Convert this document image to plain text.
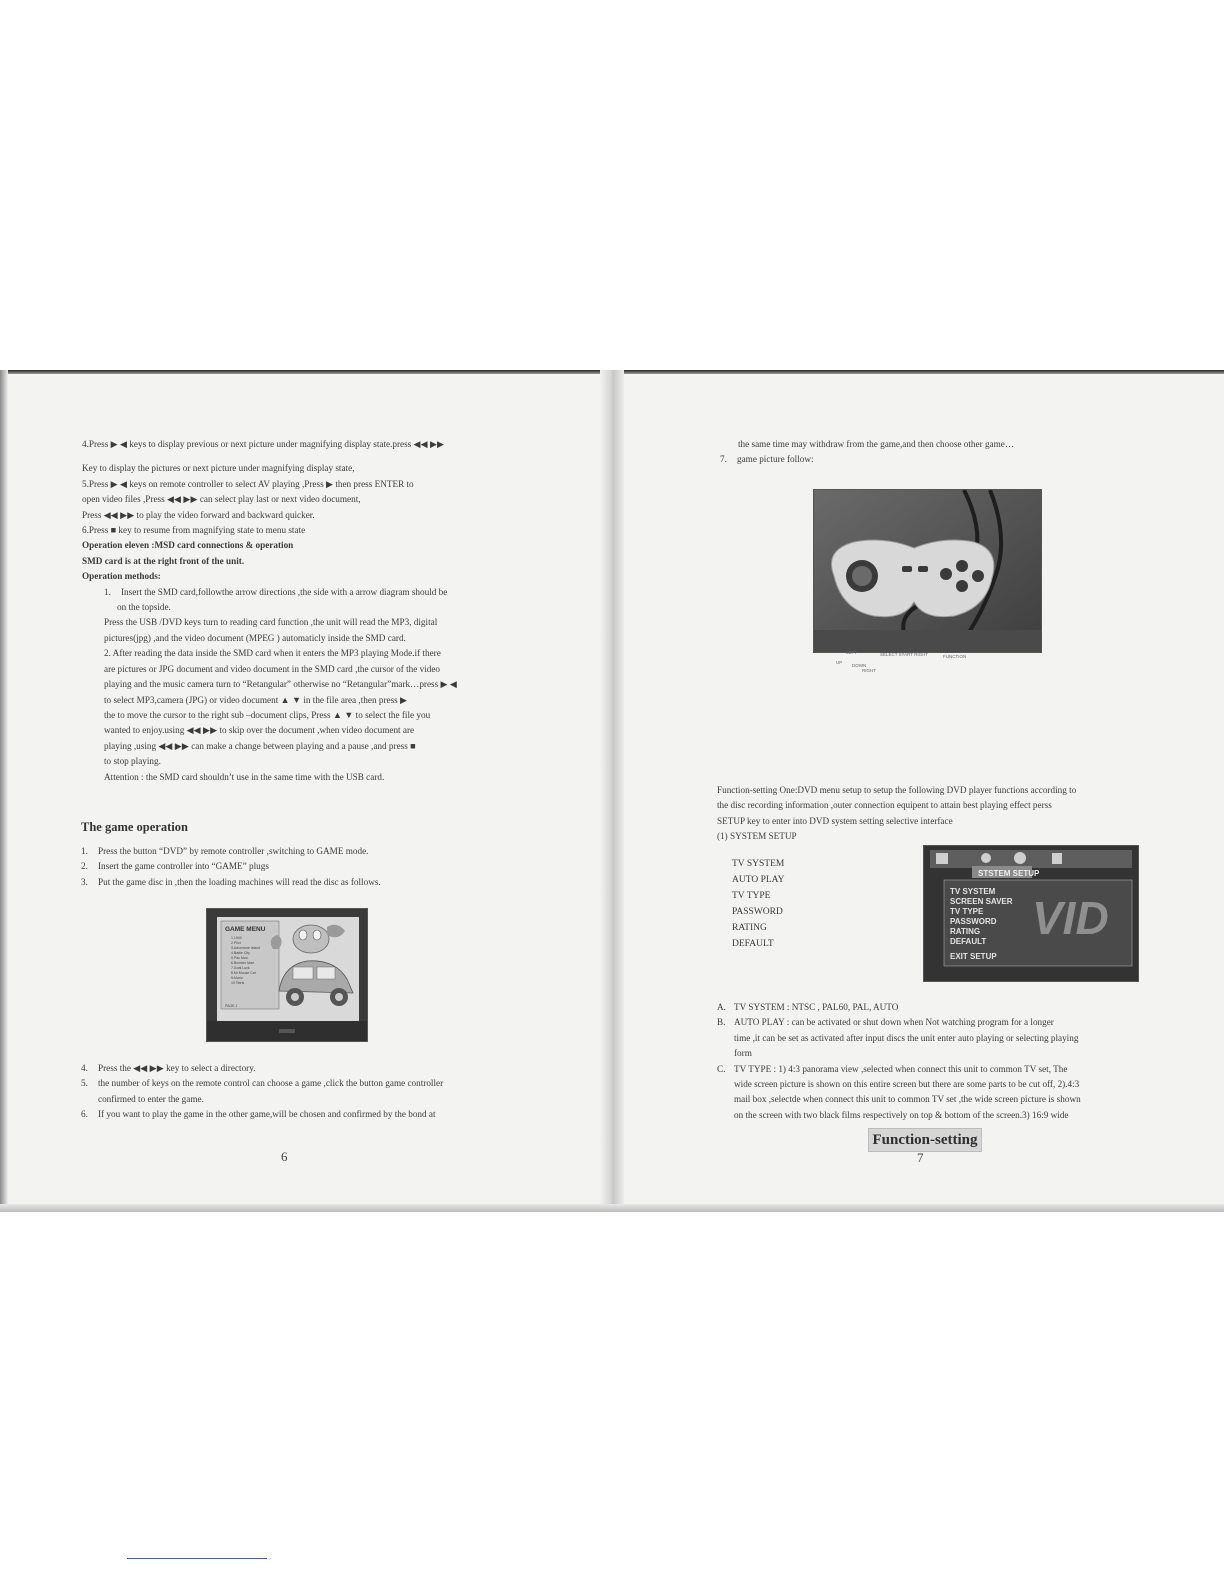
4.Press ▶ ◀ keys to display previous or next picture under magnifying display state.press ◀◀ ▶▶

Key to display the pictures or next picture under magnifying display state,

5.Press ▶ ◀ keys on remote controller to select AV playing ,Press ▶ then press ENTER to

open video files ,Press ◀◀ ▶▶ can select play last or next video document,

Press ◀◀ ▶▶ to play the video forward and backward quicker.

6.Press ■ key to resume from magnifying state to menu state

Operation eleven :MSD card connections & operation

SMD card is at the right front of the unit.

Operation methods:

1.	Insert the SMD card,followthe arrow directions ,the side with a arrow diagram should be

on the topside.

Press the USB /DVD keys turn to reading card function ,the unit will read the MP3, digital

pictures(jpg) ,and the video document (MPEG ) automaticly inside the SMD card.

2. After reading the data inside the SMD card when it enters the MP3 playing Mode.if there

are pictures or JPG document and video document in the SMD card ,the cursor of the video

playing and the music camera turn to “Retangular” otherwise no “Retangular”mark…press ▶ ◀

to select MP3,camera (JPG) or video document ▲ ▼ in the file area ,then press ▶

the to move the cursor to the right sub –document clips, Press ▲ ▼ to select the file you

wanted to enjoy.using ◀◀ ▶▶ to skip over the document ,when video document are

playing ,using ◀◀ ▶▶ can make a change between playing and a pause ,and press ■

to stop playing.

Attention : the SMD card shouldn’t use in the same time with the USB card.

The game operation
1.	Press the button “DVD” by remote controller ,switching to GAME mode.
2.	Insert the game controller into “GAME” plugs
3.	Put the game disc in ,then the loading machines will read the disc as follows.
GAME MENU
1.1942
2.Pilot
3.Adventure Island
4.Battle City
5.Pac Man
6.Bomber Man
7.Goal Luck
8.Mr.Mouse Cat
9.Mario
10.Tetris
PAGE 1
4.	Press the ◀◀ ▶▶ key to select a directory.
5.	the number of keys on the remote control can choose a game ,click the button game controller
confirmed to enter the game.
6.	If you want to play the game in the other game,will be chosen and confirmed by the bond at
6
the same time may withdraw from the game,and then choose other game…
7.	game picture follow:
LEFT	SELECT START RIGHT	FUNCTION
UP
DOWN
RIGHT
Function-setting

Function-setting One:DVD menu setup to setup the following DVD player functions according to

the disc recording information ,outer connection equipent to attain best playing effect perss

SETUP key to enter into DVD system setting selective interface

(1) SYSTEM SETUP

TV SYSTEM

AUTO PLAY

TV TYPE

PASSWORD

RATING

DEFAULT

STSTEM SETUP
VID
TV SYSTEM
SCREEN SAVER
TV TYPE
PASSWORD
RATING
DEFAULT
EXIT SETUP
A. TV SYSTEM : NTSC , PAL60, PAL, AUTO
B. AUTO PLAY : can be activated or shut down when Not watching program for a longer

time ,it can be set as activated after input discs the unit enter auto playing or selecting playing

form

C. TV TYPE : 1) 4:3 panorama view ,selected when connect this unit to common TV set, The

wide screen picture is shown on this entire screen but there are some parts to be cut off, 2).4:3

mail box ,selectde when connect this unit to common TV set ,the wide screen picture is shown

on the screen with two black films respectively on top & bottom of the screen.3) 16:9 wide

7
